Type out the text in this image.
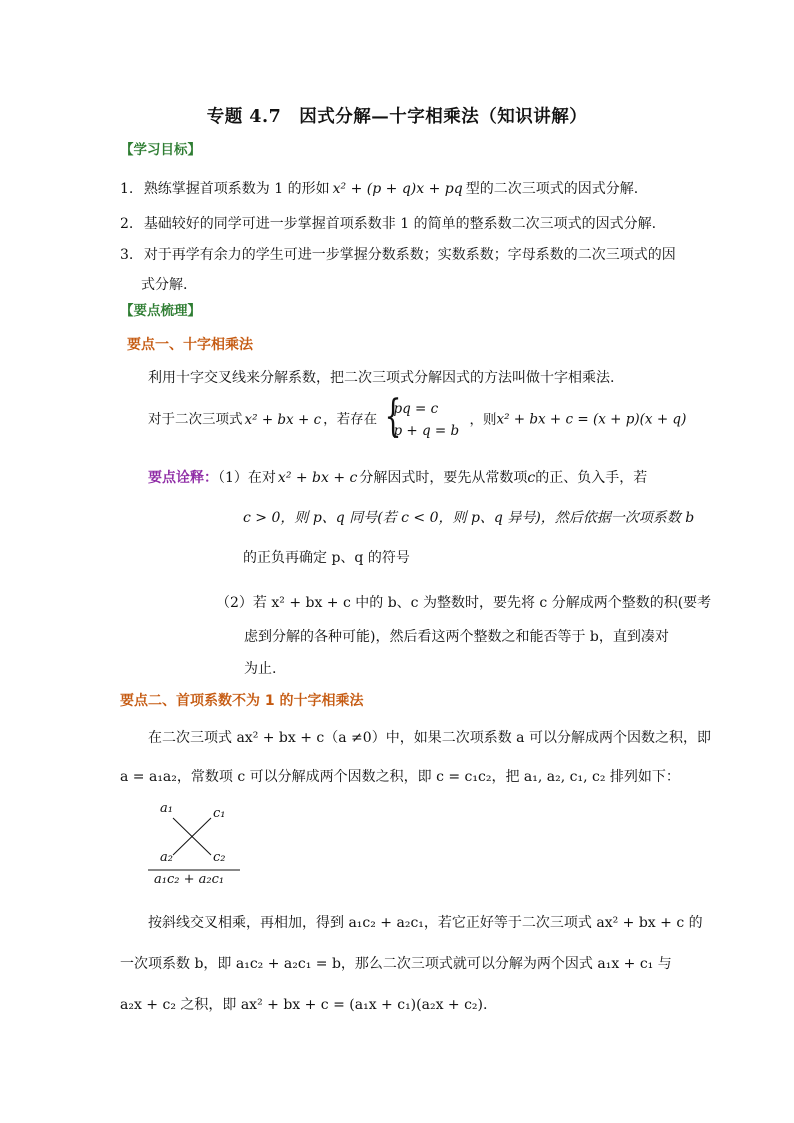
专题 4.7　因式分解—十字相乘法（知识讲解）
【学习目标】
1. 熟练掌握首项系数为 1 的形如 x² + (p + q)x + pq 型的二次三项式的因式分解.
2. 基础较好的同学可进一步掌握首项系数非 1 的简单的整系数二次三项式的因式分解.
3. 对于再学有余力的学生可进一步掌握分数系数；实数系数；字母系数的二次三项式的因
式分解.
【要点梳理】
要点一、十字相乘法
利用十字交叉线来分解系数，把二次三项式分解因式的方法叫做十字相乘法.
对于二次三项式 x² + bx + c ，若存在 {
pq = c
p + q = b
，则x² + bx + c = (x + p)(x + q)
要点诠释：（1）在对 x² + bx + c 分解因式时，要先从常数项c的正、负入手，若
c > 0，则 p、q 同号(若 c < 0，则 p、q 异号)，然后依据一次项系数 b
的正负再确定 p、q 的符号
（2）若 x² + bx + c 中的 b、c 为整数时，要先将 c 分解成两个整数的积(要考
虑到分解的各种可能)，然后看这两个整数之和能否等于 b，直到凑对
为止.
要点二、首项系数不为 1 的十字相乘法
在二次三项式 ax² + bx + c（a ≠0）中，如果二次项系数 a 可以分解成两个因数之积，即
a = a₁a₂，常数项 c 可以分解成两个因数之积，即 c = c₁c₂，把 a₁, a₂, c₁, c₂ 排列如下：
a₁	c₁
a₂	c₂
a₁c₂ + a₂c₁
按斜线交叉相乘，再相加，得到 a₁c₂ + a₂c₁，若它正好等于二次三项式 ax² + bx + c 的
一次项系数 b，即 a₁c₂ + a₂c₁ = b，那么二次三项式就可以分解为两个因式 a₁x + c₁ 与
a₂x + c₂ 之积，即 ax² + bx + c = (a₁x + c₁)(a₂x + c₂).
